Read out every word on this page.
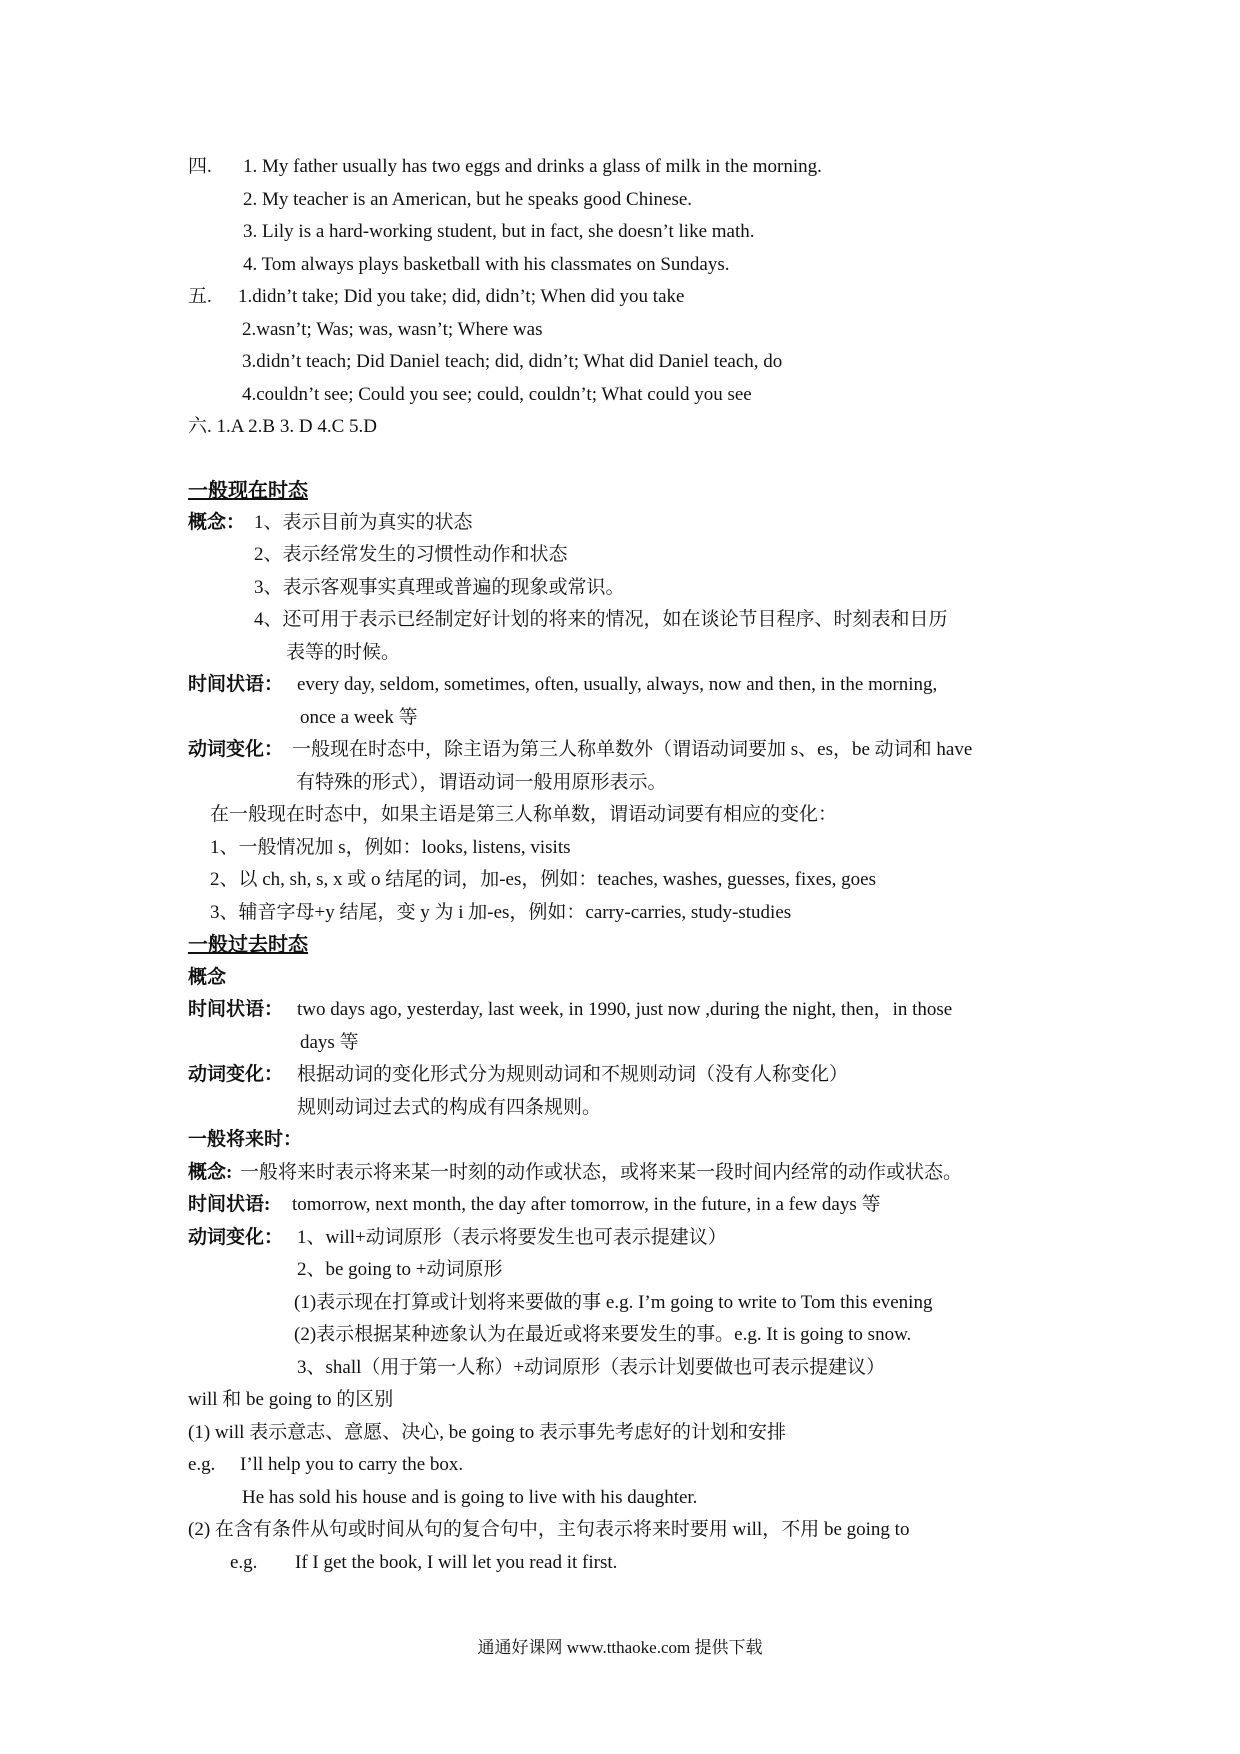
四. 1. My father usually has two eggs and drinks a glass of milk in the morning.
2. My teacher is an American, but he speaks good Chinese.
3. Lily is a hard-working student, but in fact, she doesn’t like math.
4. Tom always plays basketball with his classmates on Sundays.
五. 1.didn’t take; Did you take; did, didn’t; When did you take
2.wasn’t; Was; was, wasn’t; Where was
3.didn’t teach; Did Daniel teach; did, didn’t; What did Daniel teach, do
4.couldn’t see; Could you see; could, couldn’t; What could you see
六. 1.A 2.B 3. D 4.C 5.D
一般现在时态
概念： 1、表示目前为真实的状态
2、表示经常发生的习惯性动作和状态
3、表示客观事实真理或普遍的现象或常识。
4、还可用于表示已经制定好计划的将来的情况，如在谈论节目程序、时刻表和日历
表等的时候。
时间状语： every day, seldom, sometimes, often, usually, always, now and then, in the morning,
once a week 等
动词变化： 一般现在时态中，除主语为第三人称单数外（谓语动词要加 s、es，be 动词和 have
有特殊的形式），谓语动词一般用原形表示。
在一般现在时态中，如果主语是第三人称单数，谓语动词要有相应的变化：
1、一般情况加 s，例如：looks, listens, visits
2、以 ch, sh, s, x 或 o 结尾的词，加-es，例如：teaches, washes, guesses, fixes, goes
3、辅音字母+y 结尾，变 y 为 i 加-es，例如：carry-carries, study-studies
一般过去时态
概念
时间状语： two days ago, yesterday, last week, in 1990, just now ,during the night, then，in those
days 等
动词变化： 根据动词的变化形式分为规则动词和不规则动词（没有人称变化）
规则动词过去式的构成有四条规则。
一般将来时：
概念: 一般将来时表示将来某一时刻的动作或状态，或将来某一段时间内经常的动作或状态。
时间状语: tomorrow, next month, the day after tomorrow, in the future, in a few days 等
动词变化： 1、will+动词原形（表示将要发生也可表示提建议）
2、be going to +动词原形
(1)表示现在打算或计划将来要做的事 e.g. I’m going to write to Tom this evening
(2)表示根据某种迹象认为在最近或将来要发生的事。e.g. It is going to snow.
3、shall（用于第一人称）+动词原形（表示计划要做也可表示提建议）
will 和 be going to 的区别
(1) will 表示意志、意愿、决心, be going to 表示事先考虑好的计划和安排
e.g. I’ll help you to carry the box.
He has sold his house and is going to live with his daughter.
(2) 在含有条件从句或时间从句的复合句中，主句表示将来时要用 will，不用 be going to
e.g. If I get the book, I will let you read it first.
通通好课网 www.tthaoke.com 提供下载
